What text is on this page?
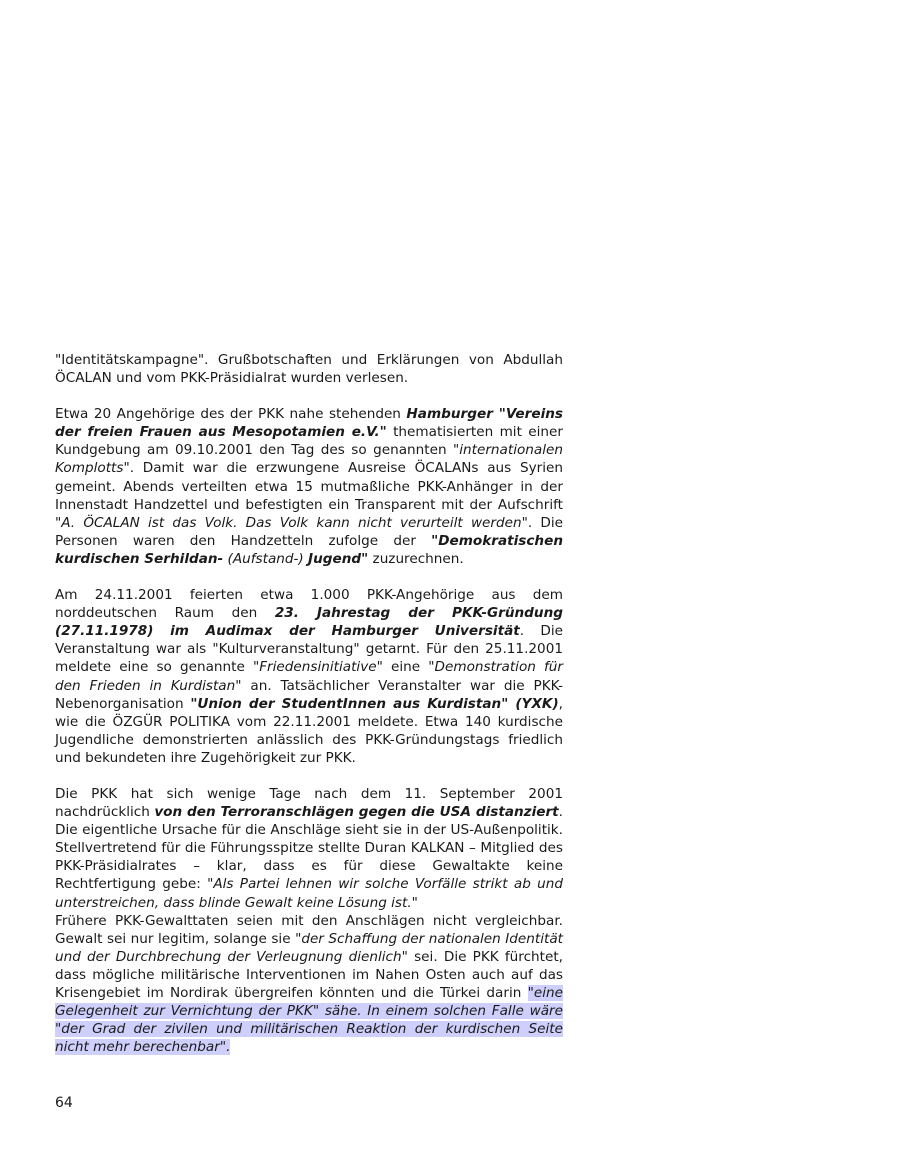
"Identitätskampagne". Grußbotschaften und Erklärungen von Abdullah ÖCALAN und vom PKK-Präsidialrat wurden verlesen.

Etwa 20 Angehörige des der PKK nahe stehenden Hamburger "Vereins der freien Frauen aus Mesopotamien e.V." thematisierten mit einer Kundgebung am 09.10.2001 den Tag des so genannten "internationalen Komplotts". Damit war die erzwungene Ausreise ÖCALANs aus Syrien gemeint. Abends verteilten etwa 15 mutmaßliche PKK-Anhänger in der Innenstadt Handzettel und befestigten ein Transparent mit der Aufschrift "A. ÖCALAN ist das Volk. Das Volk kann nicht verurteilt werden". Die Personen waren den Handzetteln zufolge der "Demokratischen kurdischen Serhildan- (Aufstand-) Jugend" zuzurechnen.

Am 24.11.2001 feierten etwa 1.000 PKK-Angehörige aus dem norddeutschen Raum den 23. Jahrestag der PKK-Gründung (27.11.1978) im Audimax der Hamburger Universität. Die Veranstaltung war als "Kulturveranstaltung" getarnt. Für den 25.11.2001 meldete eine so genannte "Friedensinitiative" eine "Demonstration für den Frieden in Kurdistan" an. Tatsächlicher Veranstalter war die PKK-Nebenorganisation "Union der StudentInnen aus Kurdistan" (YXK), wie die ÖZGÜR POLITIKA vom 22.11.2001 meldete. Etwa 140 kurdische Jugendliche demonstrierten anlässlich des PKK-Gründungstags friedlich und bekundeten ihre Zugehörigkeit zur PKK.

Die PKK hat sich wenige Tage nach dem 11. September 2001 nachdrücklich von den Terroranschlägen gegen die USA distanziert. Die eigentliche Ursache für die Anschläge sieht sie in der US-Außenpolitik. Stellvertretend für die Führungsspitze stellte Duran KALKAN – Mitglied des PKK-Präsidialrates – klar, dass es für diese Gewaltakte keine Rechtfertigung gebe: "Als Partei lehnen wir solche Vorfälle strikt ab und unterstreichen, dass blinde Gewalt keine Lösung ist."

Frühere PKK-Gewalttaten seien mit den Anschlägen nicht vergleichbar. Gewalt sei nur legitim, solange sie "der Schaffung der nationalen Identität und der Durchbrechung der Verleugnung dienlich" sei. Die PKK fürchtet, dass mögliche militärische Interventionen im Nahen Osten auch auf das Krisengebiet im Nordirak übergreifen könnten und die Türkei darin "eine Gelegenheit zur Vernichtung der PKK" sähe. In einem solchen Falle wäre "der Grad der zivilen und militärischen Reaktion der kurdischen Seite nicht mehr berechenbar".

64
